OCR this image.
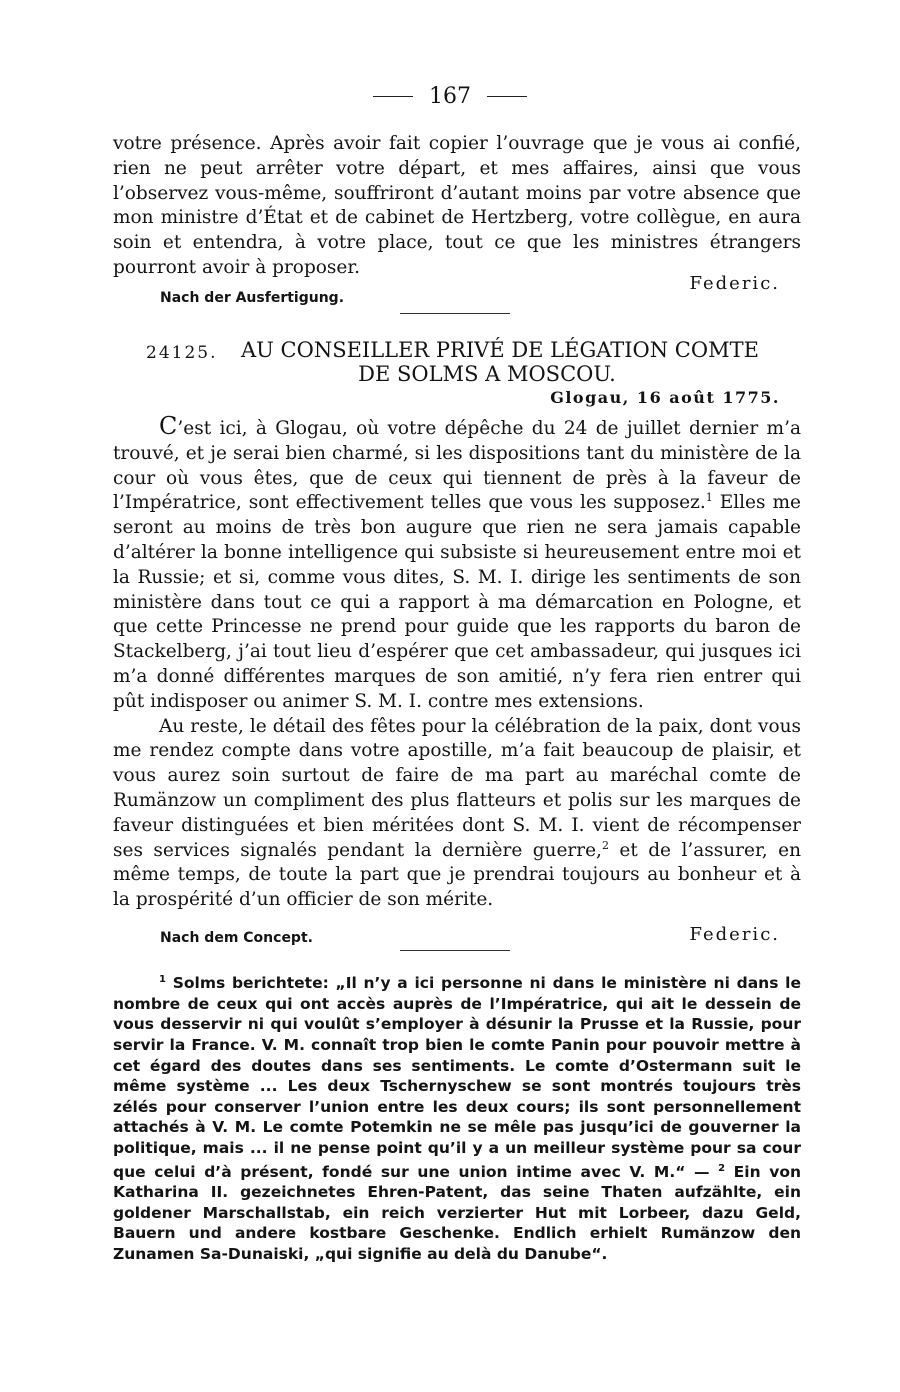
167

votre présence. Après avoir fait copier l’ouvrage que je vous ai confié, rien ne peut arrêter votre départ, et mes affaires, ainsi que vous l’observez vous-même, souffriront d’autant moins par votre absence que mon ministre d’État et de cabinet de Hertzberg, votre collègue, en aura soin et entendra, à votre place, tout ce que les ministres étrangers pourront avoir à proposer.

Federic.
Nach der Ausfertigung.
24125. AU CONSEILLER PRIVÉ DE LÉGATION COMTE
DE SOLMS A MOSCOU.
Glogau, 16 août 1775.

C’est ici, à Glogau, où votre dépêche du 24 de juillet dernier m’a trouvé, et je serai bien charmé, si les dispositions tant du ministère de la cour où vous êtes, que de ceux qui tiennent de près à la faveur de l’Impératrice, sont effectivement telles que vous les supposez.$^1$ Elles me seront au moins de très bon augure que rien ne sera jamais capable d’altérer la bonne intelligence qui subsiste si heureusement entre moi et la Russie; et si, comme vous dites, S. M. I. dirige les sentiments de son ministère dans tout ce qui a rapport à ma démarcation en Pologne, et que cette Princesse ne prend pour guide que les rapports du baron de Stackelberg, j’ai tout lieu d’espérer que cet ambassadeur, qui jusques ici m’a donné différentes marques de son amitié, n’y fera rien entrer qui pût indisposer ou animer S. M. I. contre mes extensions.

Au reste, le détail des fêtes pour la célébration de la paix, dont vous me rendez compte dans votre apostille, m’a fait beaucoup de plaisir, et vous aurez soin surtout de faire de ma part au maréchal comte de Rumänzow un compliment des plus flatteurs et polis sur les marques de faveur distinguées et bien méritées dont S. M. I. vient de récompenser ses services signalés pendant la dernière guerre,$^2$ et de l’assurer, en même temps, de toute la part que je prendrai toujours au bonheur et à la prospérité d’un officier de son mérite.

Nach dem Concept.	Federic.

$^1$ Solms berichtete: „Il n’y a ici personne ni dans le ministère ni dans le nombre de ceux qui ont accès auprès de l’Impératrice, qui ait le dessein de vous desservir ni qui voulût s’employer à désunir la Prusse et la Russie, pour servir la France. V. M. connaît trop bien le comte Panin pour pouvoir mettre à cet égard des doutes dans ses sentiments. Le comte d’Ostermann suit le même système ... Les deux Tschernyschew se sont montrés toujours très zélés pour conserver l’union entre les deux cours; ils sont personnellement attachés à V. M. Le comte Potemkin ne se mêle pas jusqu’ici de gouverner la politique, mais ... il ne pense point qu’il y a un meilleur système pour sa cour que celui d’à présent, fondé sur une union intime avec V. M.“ — $^2$ Ein von Katharina II. gezeichnetes Ehren-Patent, das seine Thaten aufzählte, ein goldener Marschallstab, ein reich verzierter Hut mit Lorbeer, dazu Geld, Bauern und andere kostbare Geschenke. Endlich erhielt Rumänzow den Zunamen Sa-Dunaiski, „qui signifie au delà du Danube“.
